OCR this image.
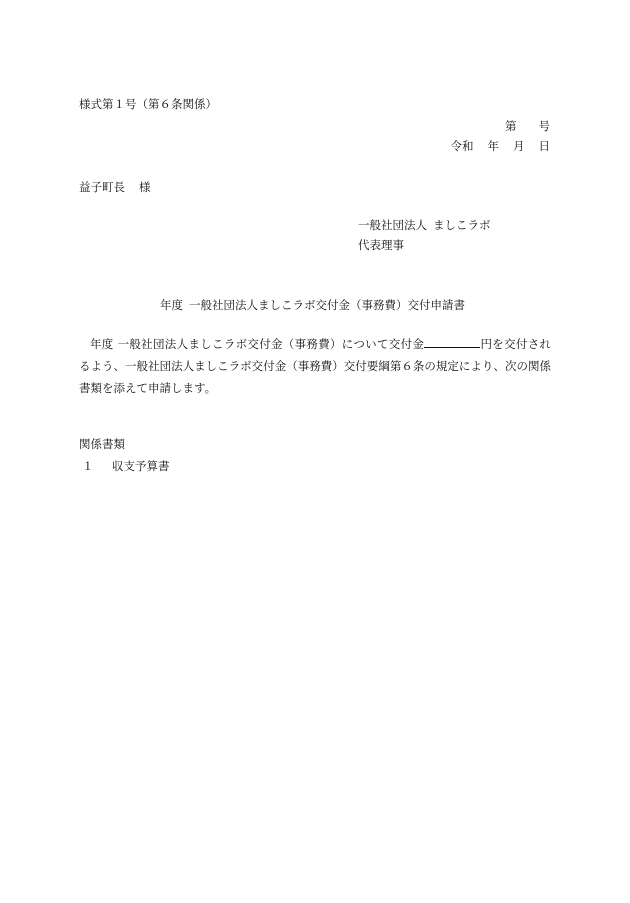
様式第１号（第６条関係）
第 号
令和 年 月 日
益子町長 様
一般社団法人 ましこラボ
代表理事
年度 一般社団法人ましこラボ交付金（事務費）交付申請書
年度 一般社団法人ましこラボ交付金（事務費）について交付金	円を交付されるよう、一般社団法人ましこラボ交付金（事務費）交付要綱第６条の規定により、次の関係書類を添えて申請します。
関係書類
１ 収支予算書
